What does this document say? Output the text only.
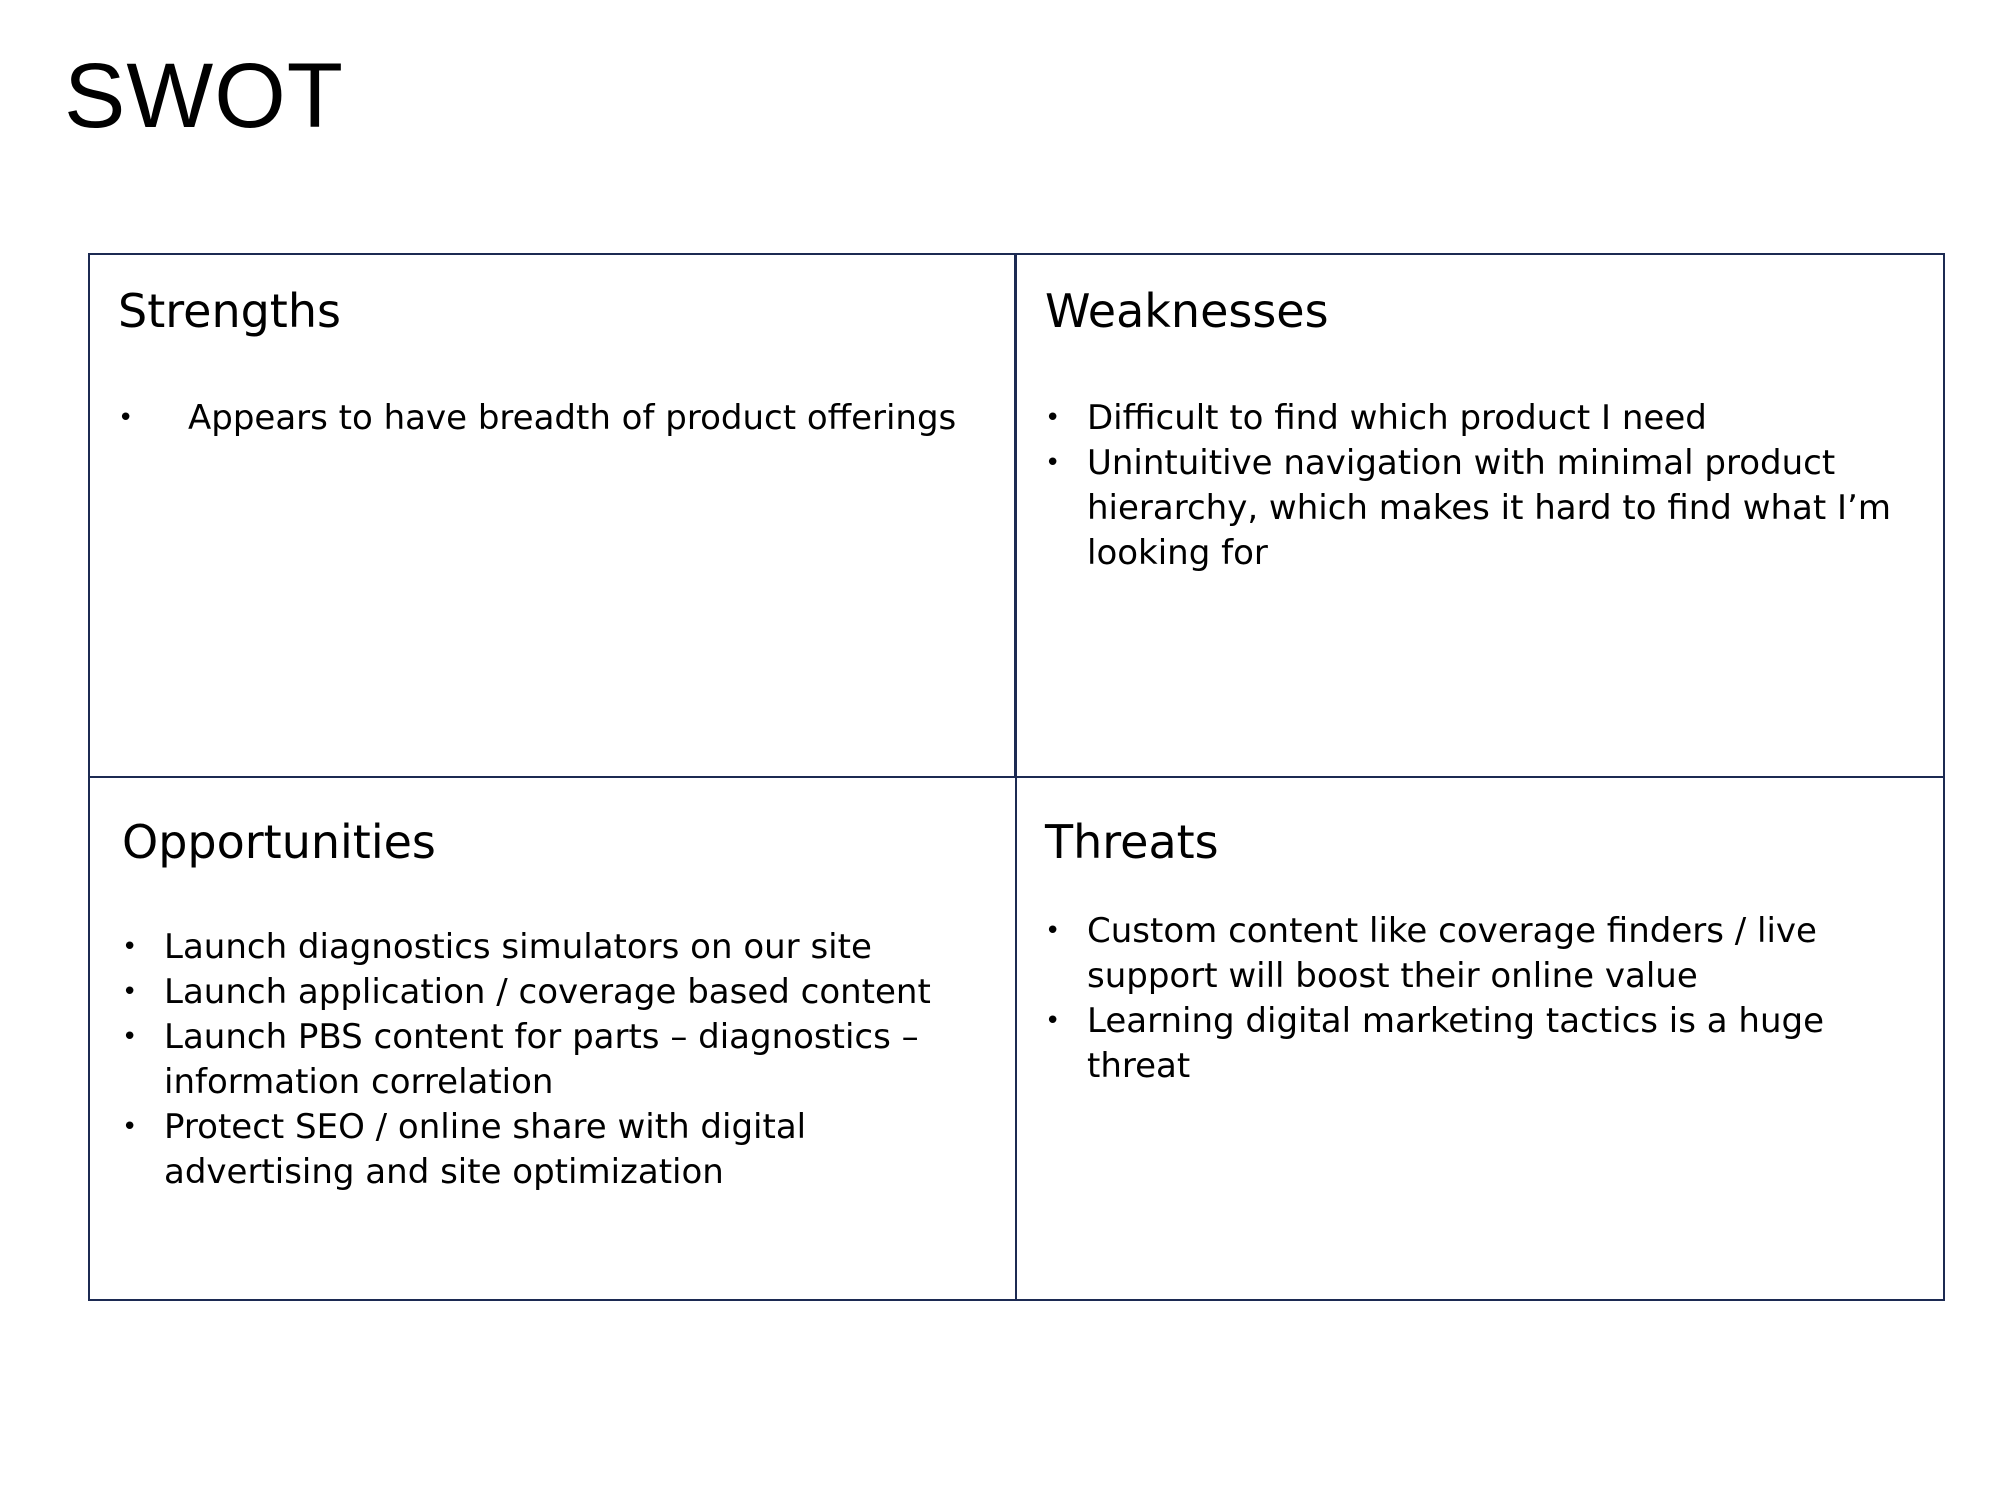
SWOT
Strengths
• Appears to have breadth of product offerings
Weaknesses
• Difficult to find which product I need
• Unintuitive navigation with minimal product hierarchy, which makes it hard to find what I’m looking for
Opportunities
• Launch diagnostics simulators on our site
• Launch application / coverage based content
• Launch PBS content for parts – diagnostics – information correlation
• Protect SEO / online share with digital advertising and site optimization
Threats
• Custom content like coverage finders / live support will boost their online value
• Learning digital marketing tactics is a huge threat
